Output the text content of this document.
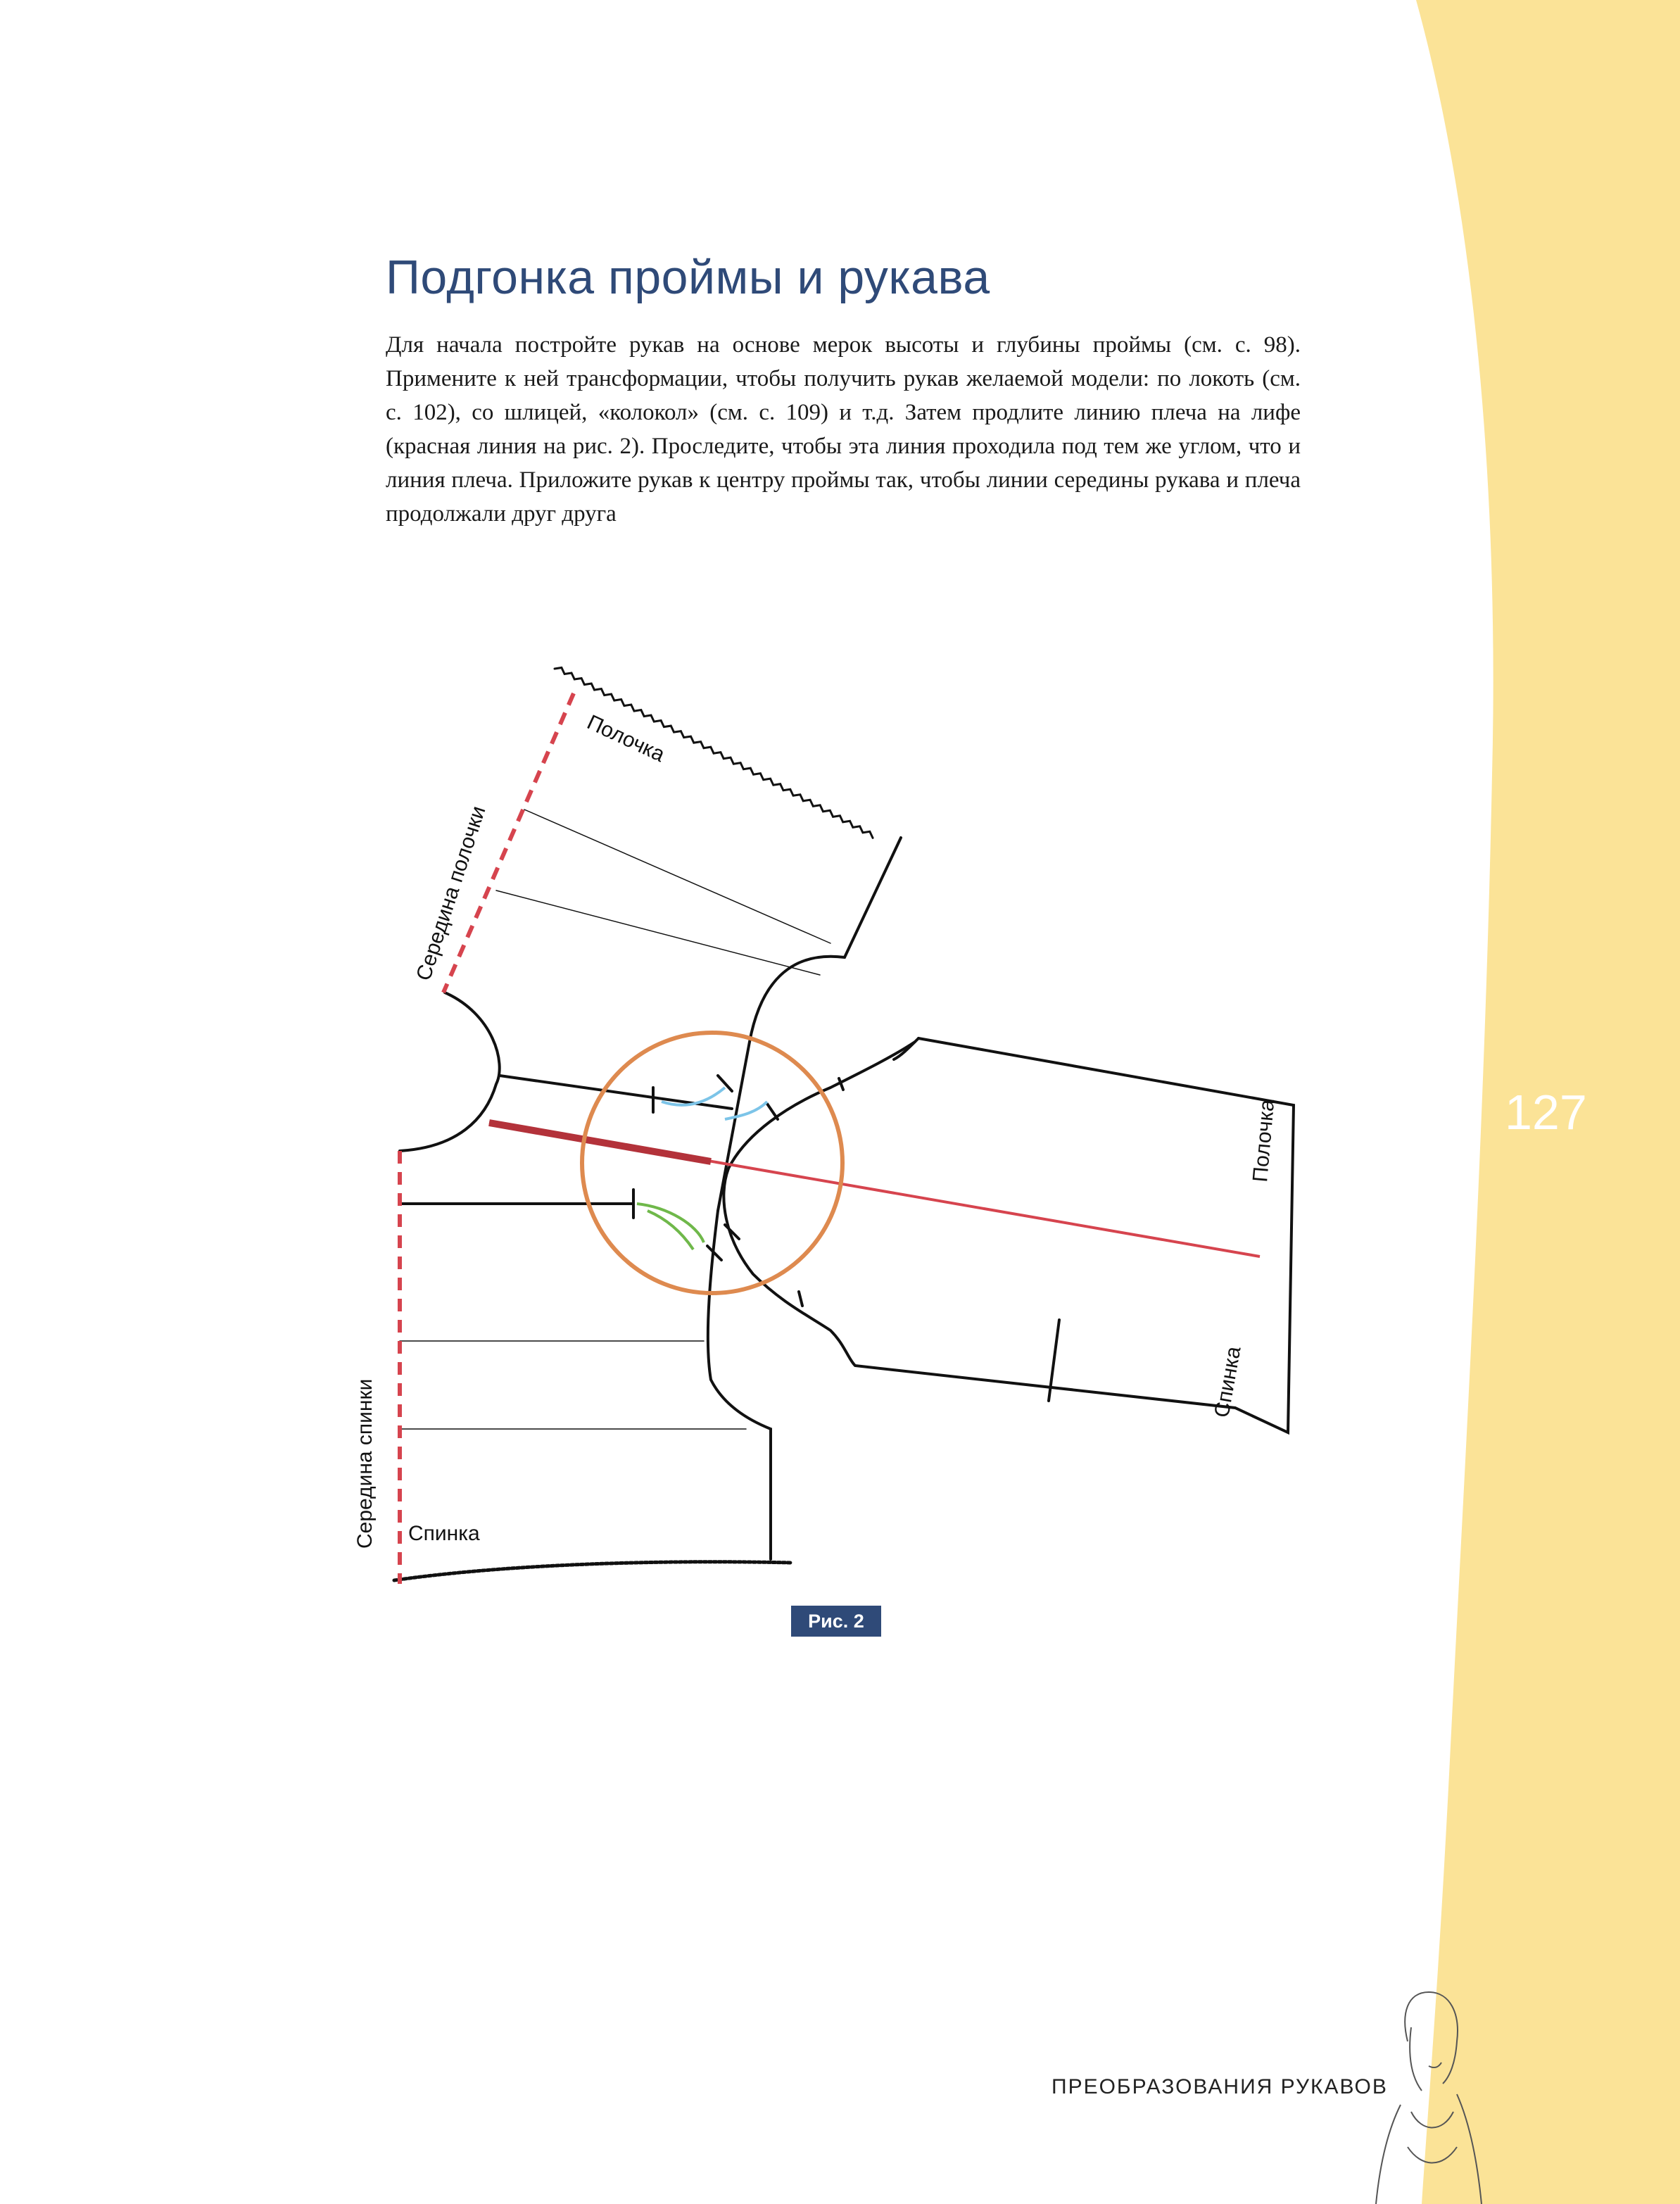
Подгонка проймы и рукава
Для начала постройте рукав на основе мерок высоты и глубины проймы (см. с. 98). Примените к ней трансформации, чтобы получить рукав желаемой модели: по локоть (см. с. 102), со шлицей, «колокол» (см. с. 109) и т.д. Затем продлите линию плеча на лифе (красная линия на рис. 2). Проследите, чтобы эта линия проходила под тем же углом, что и линия плеча. Приложите рукав к центру проймы так, чтобы линии середины рукава и плеча продолжали друг друга
Полочка
Середина полочки
Середина спинки Спинка
Полочка
Спинка
Рис. 2
127
ПРЕОБРАЗОВАНИЯ РУКАВОВ
